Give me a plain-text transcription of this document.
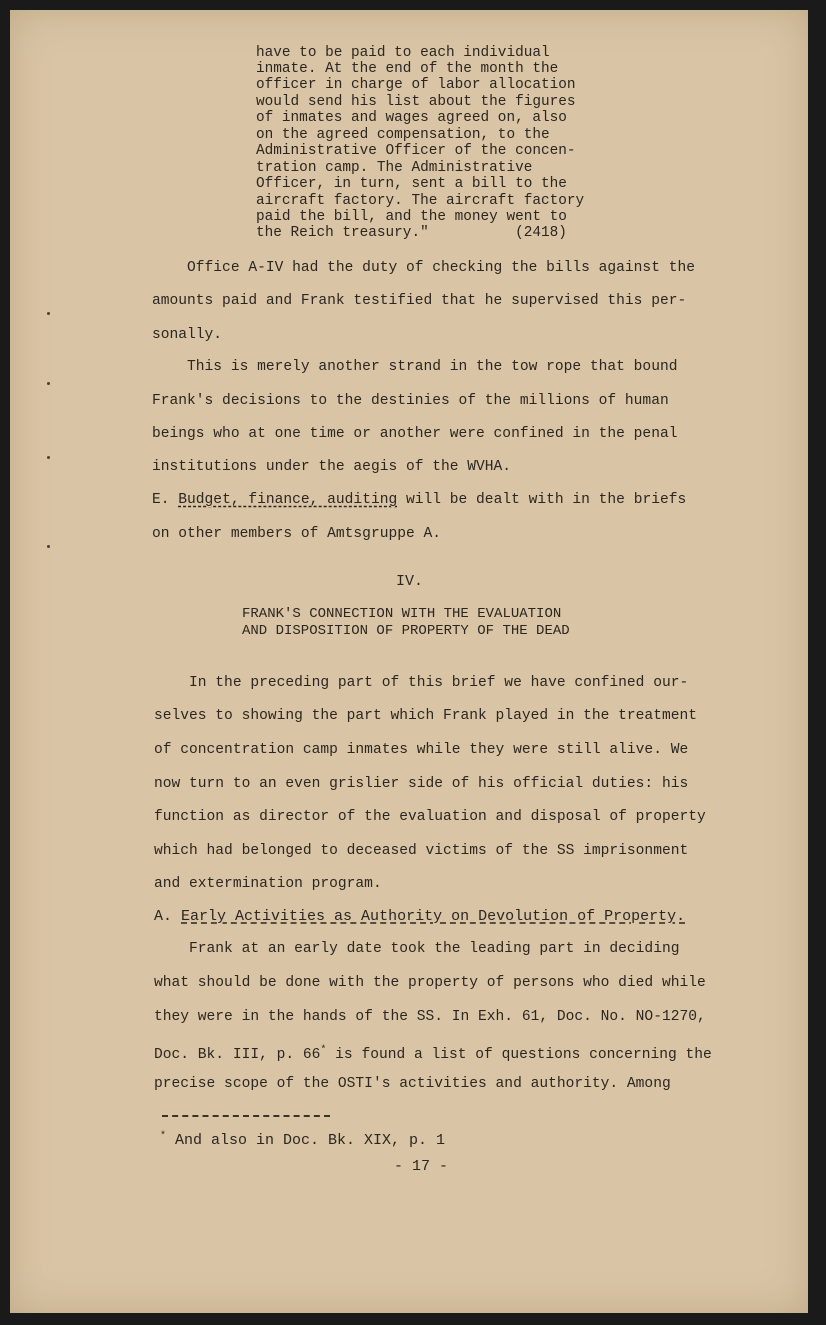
have to be paid to each individual
inmate. At the end of the month the
officer in charge of labor allocation
would send his list about the figures
of inmates and wages agreed on, also
on the agreed compensation, to the
Administrative Officer of the concen-
tration camp. The Administrative
Officer, in turn, sent a bill to the
aircraft factory. The aircraft factory
paid the bill, and the money went to
the Reich treasury."          (2418)
Office A-IV had the duty of checking the bills against the
amounts paid and Frank testified that he supervised this per-
sonally.
This is merely another strand in the tow rope that bound
Frank's decisions to the destinies of the millions of human
beings who at one time or another were confined in the penal
institutions under the aegis of the WVHA.
E. Budget, finance, auditing will be dealt with in the briefs
on other members of Amtsgruppe A.
IV.
FRANK'S CONNECTION WITH THE EVALUATION
AND DISPOSITION OF PROPERTY OF THE DEAD
In the preceding part of this brief we have confined our-
selves to showing the part which Frank played in the treatment
of concentration camp inmates while they were still alive. We
now turn to an even grislier side of his official duties: his
function as director of the evaluation and disposal of property
which had belonged to deceased victims of the SS imprisonment
and extermination program.
A. Early Activities as Authority on Devolution of Property.
Frank at an early date took the leading part in deciding
what should be done with the property of persons who died while
they were in the hands of the SS. In Exh. 61, Doc. No. NO-1270,
Doc. Bk. III, p. 66* is found a list of questions concerning the
precise scope of the OSTI's activities and authority. Among
* And also in Doc. Bk. XIX, p. 1
- 17 -
